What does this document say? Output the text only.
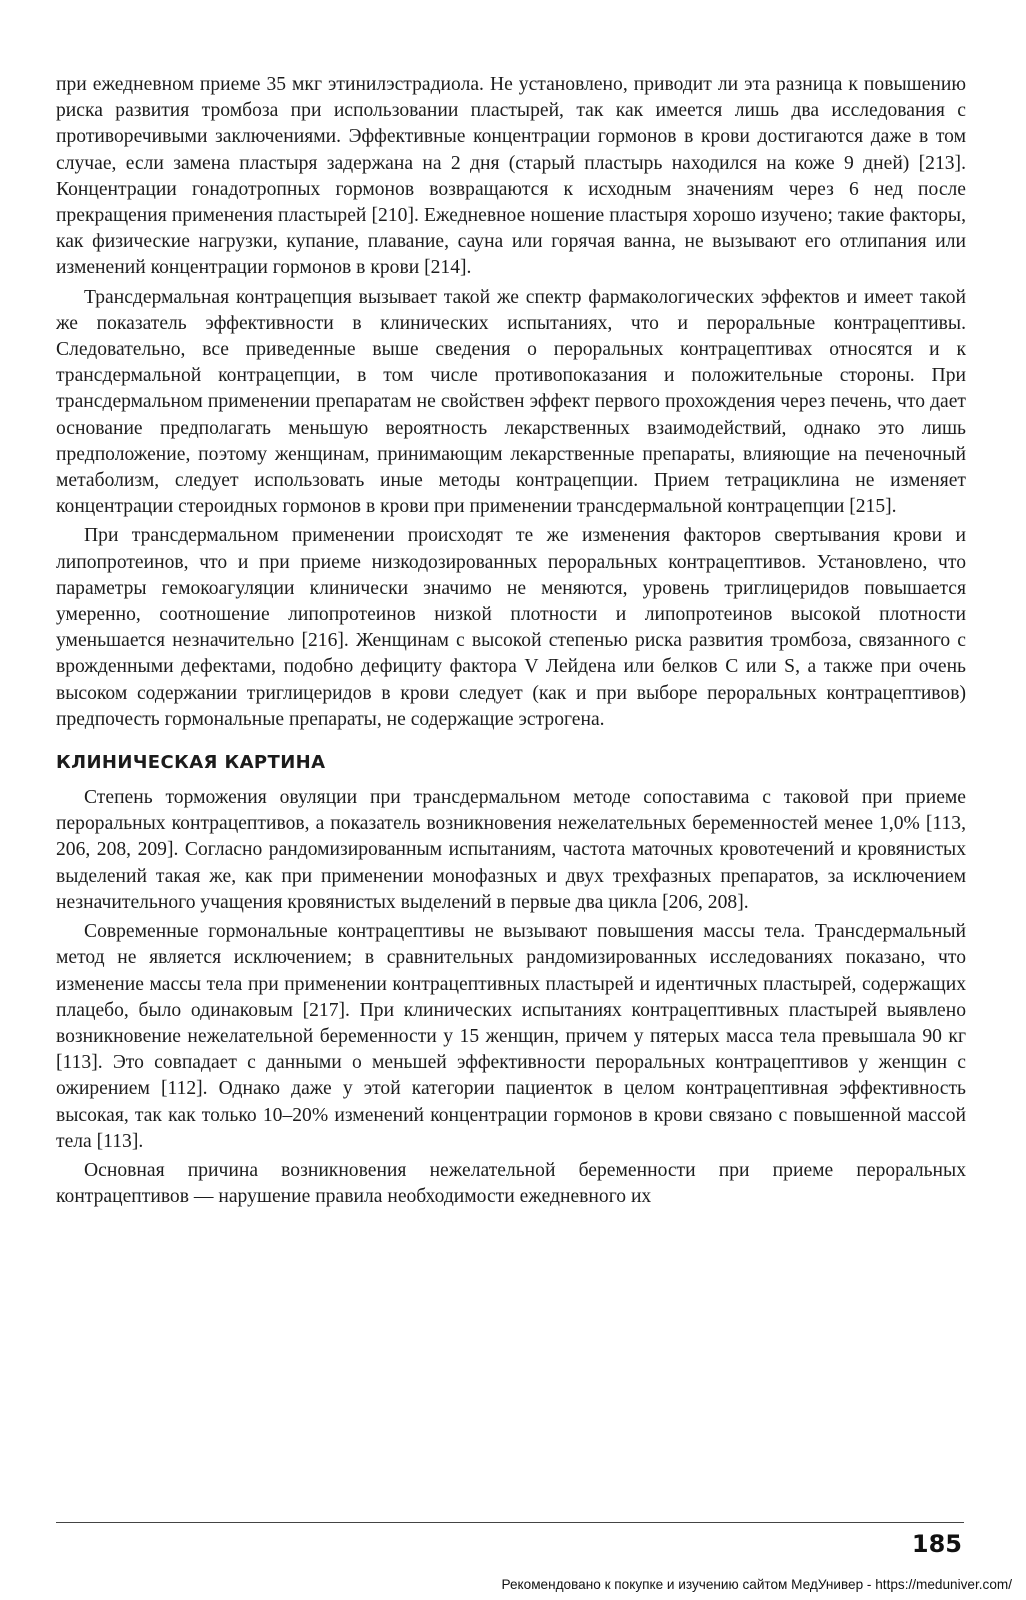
при ежедневном приеме 35 мкг этинилэстрадиола. Не установлено, приводит ли эта разница к повышению риска развития тромбоза при использовании пластырей, так как имеется лишь два исследования с противоречивыми заключениями. Эффективные концентрации гормонов в крови достигаются даже в том случае, если замена пластыря задержана на 2 дня (старый пластырь находился на коже 9 дней) [213]. Концентрации гонадотропных гормонов возвращаются к исходным значениям через 6 нед после прекращения применения пластырей [210]. Ежедневное ношение пластыря хорошо изучено; такие факторы, как физические нагрузки, купание, плавание, сауна или горячая ванна, не вызывают его отлипания или изменений концентрации гормонов в крови [214].

Трансдермальная контрацепция вызывает такой же спектр фармакологических эффектов и имеет такой же показатель эффективности в клинических испытаниях, что и пероральные контрацептивы. Следовательно, все приведенные выше сведения о пероральных контрацептивах относятся и к трансдермальной контрацепции, в том числе противопоказания и положительные стороны. При трансдермальном применении препаратам не свойствен эффект первого прохождения через печень, что дает основание предполагать меньшую вероятность лекарственных взаимодействий, однако это лишь предположение, поэтому женщинам, принимающим лекарственные препараты, влияющие на печеночный метаболизм, следует использовать иные методы контрацепции. Прием тетрациклина не изменяет концентрации стероидных гормонов в крови при применении трансдермальной контрацепции [215].

При трансдермальном применении происходят те же изменения факторов свертывания крови и липопротеинов, что и при приеме низкодозированных пероральных контрацептивов. Установлено, что параметры гемокоагуляции клинически значимо не меняются, уровень триглицеридов повышается умеренно, соотношение липопротеинов низкой плотности и липопротеинов высокой плотности уменьшается незначительно [216]. Женщинам с высокой степенью риска развития тромбоза, связанного с врожденными дефектами, подобно дефициту фактора V Лейдена или белков C или S, а также при очень высоком содержании триглицеридов в крови следует (как и при выборе пероральных контрацептивов) предпочесть гормональные препараты, не содержащие эстрогена.

КЛИНИЧЕСКАЯ КАРТИНА

Степень торможения овуляции при трансдермальном методе сопоставима с таковой при приеме пероральных контрацептивов, а показатель возникновения нежелательных беременностей менее 1,0% [113, 206, 208, 209]. Согласно рандомизированным испытаниям, частота маточных кровотечений и кровянистых выделений такая же, как при применении монофазных и двух трехфазных препаратов, за исключением незначительного учащения кровянистых выделений в первые два цикла [206, 208].

Современные гормональные контрацептивы не вызывают повышения массы тела. Трансдермальный метод не является исключением; в сравнительных рандомизированных исследованиях показано, что изменение массы тела при применении контрацептивных пластырей и идентичных пластырей, содержащих плацебо, было одинаковым [217]. При клинических испытаниях контрацептивных пластырей выявлено возникновение нежелательной беременности у 15 женщин, причем у пятерых масса тела превышала 90 кг [113]. Это совпадает с данными о меньшей эффективности пероральных контрацептивов у женщин с ожирением [112]. Однако даже у этой категории пациенток в целом контрацептивная эффективность высокая, так как только 10–20% изменений концентрации гормонов в крови связано с повышенной массой тела [113].

Основная причина возникновения нежелательной беременности при приеме пероральных контрацептивов — нарушение правила необходимости ежедневного их

185
Рекомендовано к покупке и изучению сайтом МедУнивер - https://meduniver.com/
